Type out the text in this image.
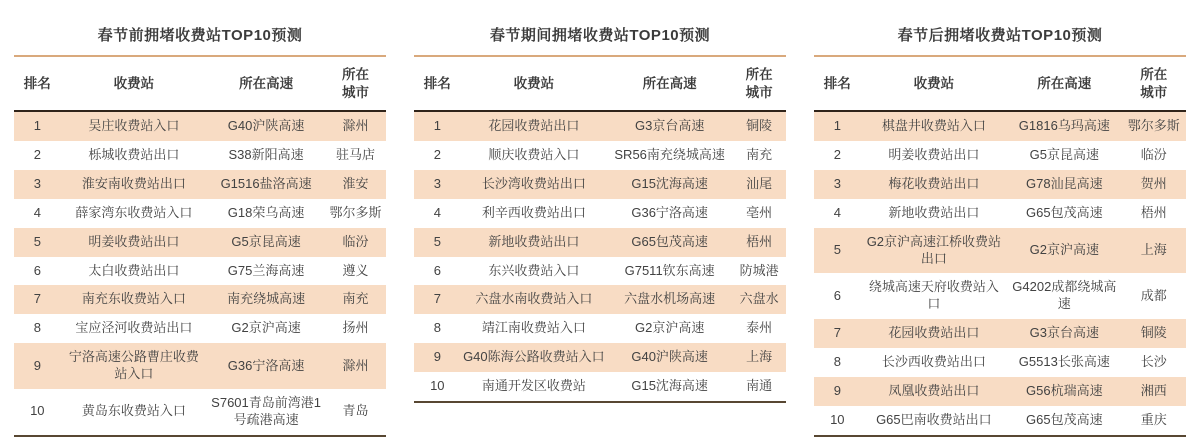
春节前拥堵收费站TOP10预测
排名	收费站	所在高速	所在城市
1	吴庄收费站入口	G40沪陕高速	滁州
2	栎城收费站出口	S38新阳高速	驻马店
3	淮安南收费站出口	G1516盐洛高速	淮安
4	薛家湾东收费站入口	G18荣乌高速	鄂尔多斯
5	明姜收费站出口	G5京昆高速	临汾
6	太白收费站出口	G75兰海高速	遵义
7	南充东收费站入口	南充绕城高速	南充
8	宝应泾河收费站出口	G2京沪高速	扬州
9	宁洛高速公路曹庄收费站入口	G36宁洛高速	滁州
10	黄岛东收费站入口	S7601青岛前湾港1号疏港高速	青岛
春节期间拥堵收费站TOP10预测
排名	收费站	所在高速	所在城市
1	花园收费站出口	G3京台高速	铜陵
2	顺庆收费站入口	SR56南充绕城高速	南充
3	长沙湾收费站出口	G15沈海高速	汕尾
4	利辛西收费站出口	G36宁洛高速	亳州
5	新地收费站出口	G65包茂高速	梧州
6	东兴收费站入口	G7511钦东高速	防城港
7	六盘水南收费站入口	六盘水机场高速	六盘水
8	靖江南收费站入口	G2京沪高速	泰州
9	G40陈海公路收费站入口	G40沪陕高速	上海
10	南通开发区收费站	G15沈海高速	南通
春节后拥堵收费站TOP10预测
排名	收费站	所在高速	所在城市
1	棋盘井收费站入口	G1816乌玛高速	鄂尔多斯
2	明姜收费站出口	G5京昆高速	临汾
3	梅花收费站出口	G78汕昆高速	贺州
4	新地收费站出口	G65包茂高速	梧州
5	G2京沪高速江桥收费站出口	G2京沪高速	上海
6	绕城高速天府收费站入口	G4202成都绕城高速	成都
7	花园收费站出口	G3京台高速	铜陵
8	长沙西收费站出口	G5513长张高速	长沙
9	凤凰收费站出口	G56杭瑞高速	湘西
10	G65巴南收费站出口	G65包茂高速	重庆
